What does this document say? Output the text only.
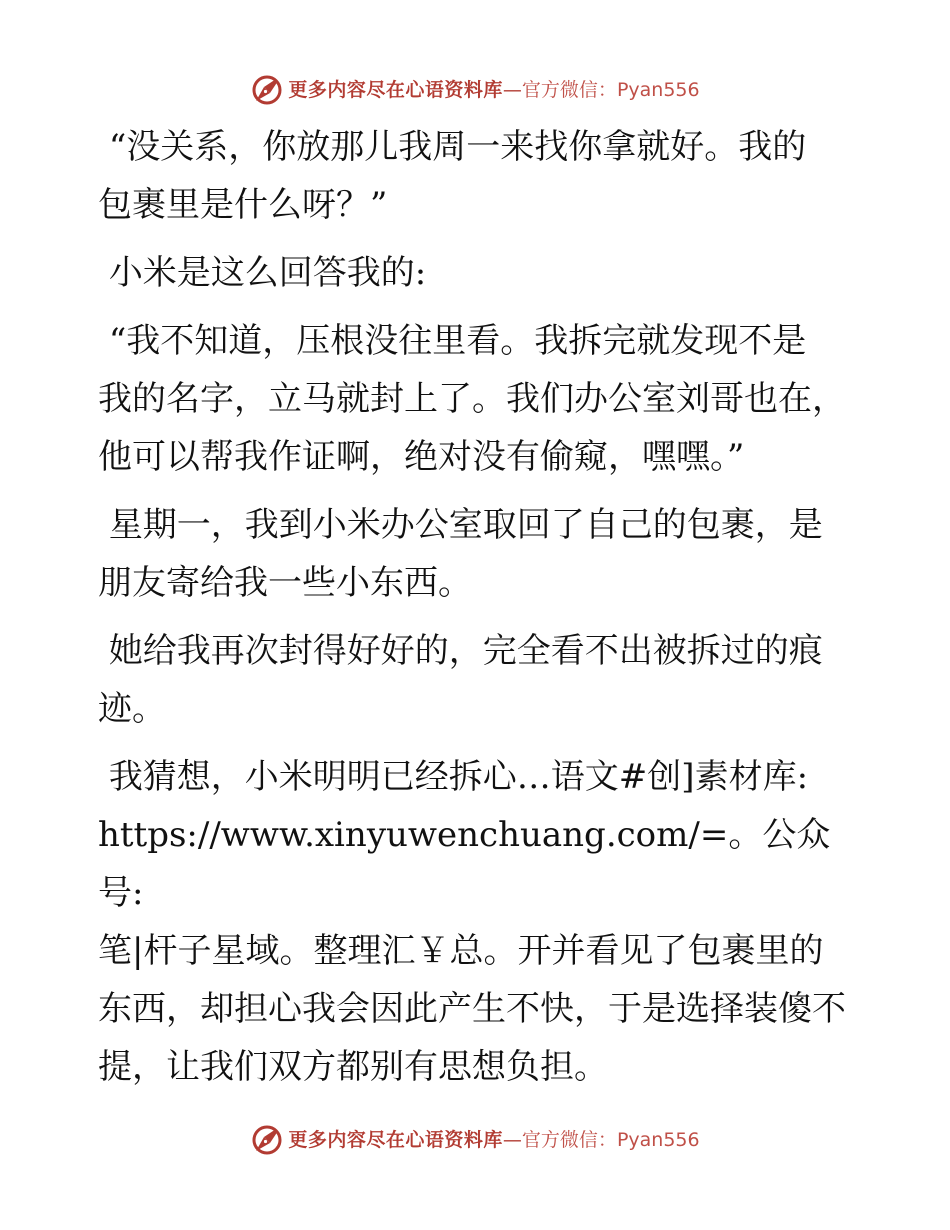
更多内容尽在心语资料库 — 官方微信： Pyan556

“没关系，你放那儿我周一来找你拿就好。我的
包裹里是什么呀？”

小米是这么回答我的:

“我不知道，压根没往里看。我拆完就发现不是
我的名字，立马就封上了。我们办公室刘哥也在，
他可以帮我作证啊，绝对没有偷窥，嘿嘿。”

星期一，我到小米办公室取回了自己的包裹，是
朋友寄给我一些小东西。

她给我再次封得好好的，完全看不出被拆过的痕
迹。

我猜想，小米明明已经拆心…语文#创]素材库:
https://www.xinyuwenchuang.com/=。公众号:
笔|杆子星域。整理汇￥总。开并看见了包裹里的
东西，却担心我会因此产生不快，于是选择装傻不
提，让我们双方都别有思想负担。

更多内容尽在心语资料库 — 官方微信： Pyan556
